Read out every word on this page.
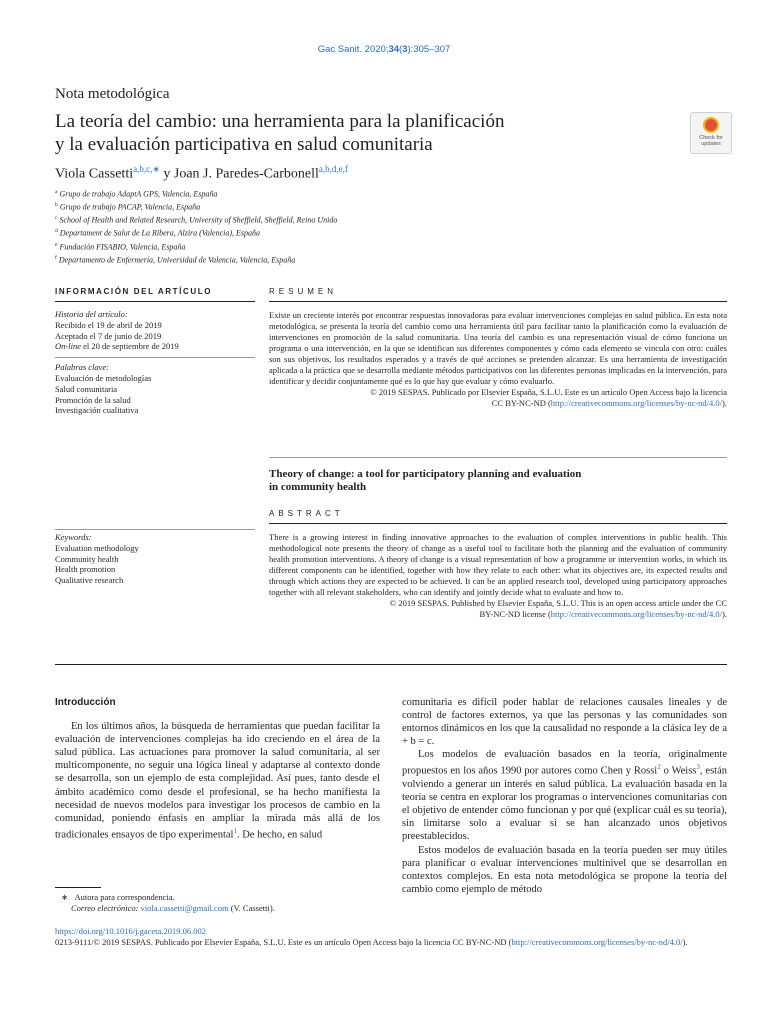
Gac Sanit. 2020;34(3):305–307
Nota metodológica
La teoría del cambio: una herramienta para la planificación
y la evaluación participativa en salud comunitaria	Check for
updates
Viola Cassetti$^{a,b,c,∗}$ y Joan J. Paredes-Carbonell$^{a,b,d,e,f}$
$^a$ Grupo de trabajo AdaptA GPS, Valencia, España
$^b$ Grupo de trabajo PACAP, Valencia, España
$^c$ School of Health and Related Research, University of Sheffield, Sheffield, Reino Unido
$^d$ Departament de Salut de La Ribera, Alzira (Valencia), España
$^e$ Fundación FISABIO, Valencia, España
$^f$ Departamento de Enfermería, Universidad de Valencia, Valencia, España
INFORMACIÓN DEL ARTÍCULO	RESUMEN
Historia del artículo:
Recibido el 19 de abril de 2019
Aceptado el 7 de junio de 2019
On-line el 20 de septiembre de 2019
Palabras clave:
Evaluación de metodologías
Salud comunitaria
Promoción de la salud
Investigación cualitativa
Existe un creciente interés por encontrar respuestas innovadoras para evaluar intervenciones complejas en salud pública. En esta nota metodológica, se presenta la teoría del cambio como una herramienta útil para facilitar tanto la planificación como la evaluación de intervenciones en promoción de la salud comunitaria. Una teoría del cambio es una representación visual de cómo funciona un programa o una intervención, en la que se identifican sus diferentes componentes y cómo cada elemento se vincula con otro: cuáles son sus objetivos, los resultados esperados y a través de qué acciones se pretenden alcanzar. Es una herramienta de investigación aplicada a la práctica que se desarrolla mediante métodos participativos con las diferentes personas implicadas en la intervención, para identificar y decidir conjuntamente qué es lo que hay que evaluar y cómo evaluarlo.
© 2019 SESPAS. Publicado por Elsevier España, S.L.U. Este es un artículo Open Access bajo la licencia
CC BY-NC-ND (http://creativecommons.org/licenses/by-nc-nd/4.0/).
Theory of change: a tool for participatory planning and evaluation
in community health
ABSTRACT
Keywords:
Evaluation methodology
Community health
Health promotion
Qualitative research
There is a growing interest in finding innovative approaches to the evaluation of complex interventions in public health. This methodological note presents the theory of change as a useful tool to facilitate both the planning and the evaluation of community health promotion interventions. A theory of change is a visual representation of how a programme or intervention works, in which its different components can be identified, together with how they relate to each other: what its objectives are, its expected results and through which actions they are expected to be achieved. It can be an applied research tool, developed using participatory approaches together with all relevant stakeholders, who can identify and jointly decide what to evaluate and how to.
© 2019 SESPAS. Published by Elsevier España, S.L.U. This is an open access article under the CC
BY-NC-ND license (http://creativecommons.org/licenses/by-nc-nd/4.0/).
Introducción

En los últimos años, la búsqueda de herramientas que puedan facilitar la evaluación de intervenciones complejas ha ido creciendo en el área de la salud pública. Las actuaciones para promover la salud comunitaria, al ser multicomponente, no seguir una lógica lineal y adaptarse al contexto donde se desarrolla, son un ejemplo de esta complejidad. Así pues, tanto desde el ámbito académico como desde el profesional, se ha hecho manifiesta la necesidad de nuevos modelos para investigar los procesos de cambio en la comunidad, poniendo énfasis en ampliar la mirada más allá de los tradicionales ensayos de tipo experimental$^1$. De hecho, en salud

comunitaria es difícil poder hablar de relaciones causales lineales y de control de factores externos, ya que las personas y las comunidades son entornos dinámicos en los que la causalidad no responde a la clásica ley de a + b = c.

Los modelos de evaluación basados en la teoría, originalmente propuestos en los años 1990 por autores como Chen y Rossi$^2$ o Weiss$^3$, están volviendo a generar un interés en salud pública. La evaluación basada en la teoría se centra en explorar los programas o intervenciones comunitarias con el objetivo de entender cómo funcionan y por qué (explicar cuál es su teoría), sin limitarse solo a evaluar si se han alcanzado unos objetivos preestablecidos.

Estos modelos de evaluación basada en la teoría pueden ser muy útiles para planificar o evaluar intervenciones multinivel que se desarrollan en contextos complejos. En esta nota metodológica se propone la teoría del cambio como ejemplo de método

∗ Autora para correspondencia.
Correo electrónico: viola.cassetti@gmail.com (V. Cassetti).
https://doi.org/10.1016/j.gaceta.2019.06.002
0213-9111/© 2019 SESPAS. Publicado por Elsevier España, S.L.U. Este es un artículo Open Access bajo la licencia CC BY-NC-ND (http://creativecommons.org/licenses/by-nc-nd/4.0/).
